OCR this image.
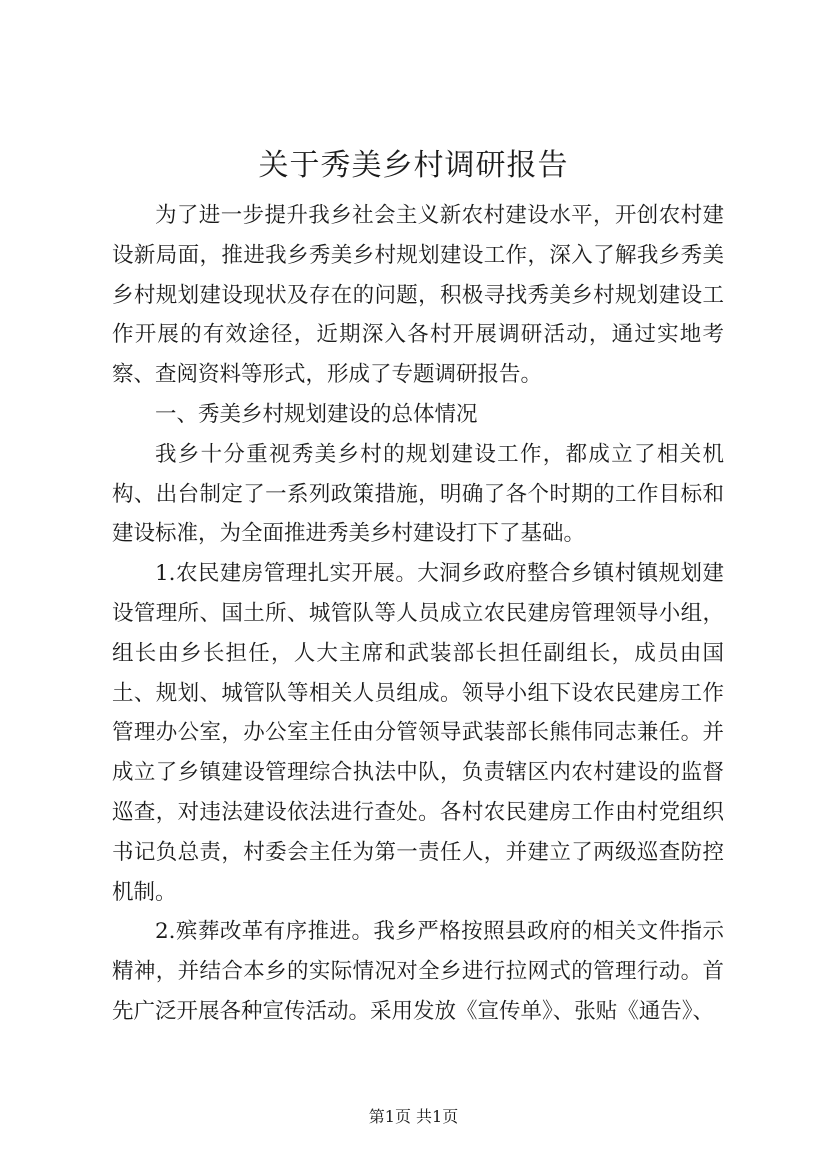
关于秀美乡村调研报告

为了进一步提升我乡社会主义新农村建设水平，开创农村建设新局面，推进我乡秀美乡村规划建设工作，深入了解我乡秀美乡村规划建设现状及存在的问题，积极寻找秀美乡村规划建设工作开展的有效途径，近期深入各村开展调研活动，通过实地考察、查阅资料等形式，形成了专题调研报告。

一、秀美乡村规划建设的总体情况

我乡十分重视秀美乡村的规划建设工作，都成立了相关机构、出台制定了一系列政策措施，明确了各个时期的工作目标和建设标准，为全面推进秀美乡村建设打下了基础。

1.农民建房管理扎实开展。大洞乡政府整合乡镇村镇规划建设管理所、国土所、城管队等人员成立农民建房管理领导小组，组长由乡长担任，人大主席和武装部长担任副组长，成员由国土、规划、城管队等相关人员组成。领导小组下设农民建房工作管理办公室，办公室主任由分管领导武装部长熊伟同志兼任。并成立了乡镇建设管理综合执法中队，负责辖区内农村建设的监督巡查，对违法建设依法进行查处。各村农民建房工作由村党组织书记负总责，村委会主任为第一责任人，并建立了两级巡查防控机制。

2.殡葬改革有序推进。我乡严格按照县政府的相关文件指示精神，并结合本乡的实际情况对全乡进行拉网式的管理行动。首先广泛开展各种宣传活动。采用发放《宣传单》、张贴《通告》、

第1页 共1页
